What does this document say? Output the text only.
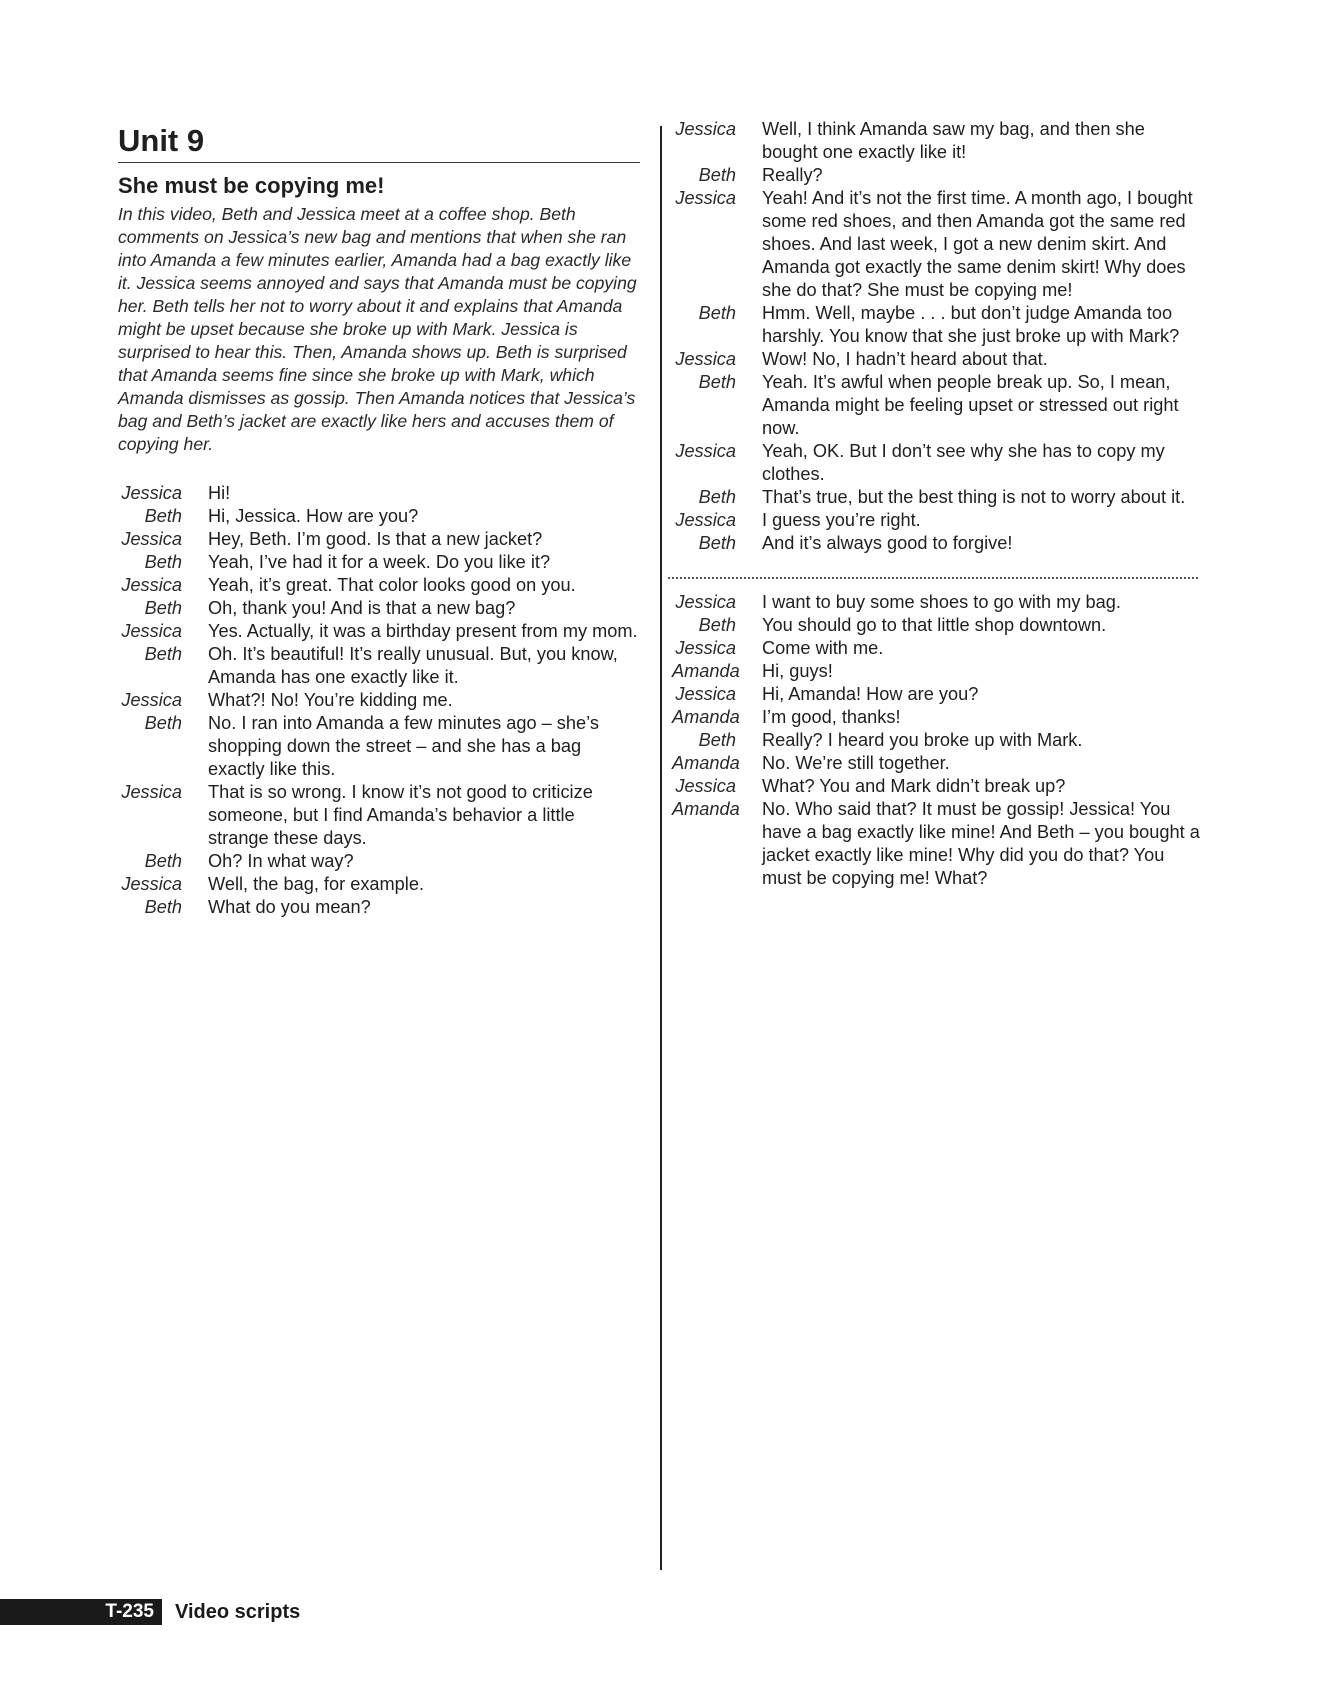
Unit 9
She must be copying me!

In this video, Beth and Jessica meet at a coffee shop. Beth comments on Jessica’s new bag and mentions that when she ran into Amanda a few minutes earlier, Amanda had a bag exactly like it. Jessica seems annoyed and says that Amanda must be copying her. Beth tells her not to worry about it and explains that Amanda might be upset because she broke up with Mark. Jessica is surprised to hear this. Then, Amanda shows up. Beth is surprised that Amanda seems fine since she broke up with Mark, which Amanda dismisses as gossip. Then Amanda notices that Jessica’s bag and Beth’s jacket are exactly like hers and accuses them of copying her.

Jessica Hi!
Beth Hi, Jessica. How are you?
Jessica Hey, Beth. I’m good. Is that a new jacket?
Beth Yeah, I’ve had it for a week. Do you like it?
Jessica Yeah, it’s great. That color looks good on you.
Beth Oh, thank you! And is that a new bag?
Jessica Yes. Actually, it was a birthday present from my mom.
Beth Oh. It’s beautiful! It’s really unusual. But, you know, Amanda has one exactly like it.
Jessica What?! No! You’re kidding me.
Beth No. I ran into Amanda a few minutes ago – she’s shopping down the street – and she has a bag exactly like this.
Jessica That is so wrong. I know it’s not good to criticize someone, but I find Amanda’s behavior a little strange these days.
Beth Oh? In what way?
Jessica Well, the bag, for example.
Beth What do you mean?
Jessica Well, I think Amanda saw my bag, and then she bought one exactly like it!
Beth Really?
Jessica Yeah! And it’s not the first time. A month ago, I bought some red shoes, and then Amanda got the same red shoes. And last week, I got a new denim skirt. And Amanda got exactly the same denim skirt! Why does she do that? She must be copying me!
Beth Hmm. Well, maybe . . . but don’t judge Amanda too harshly. You know that she just broke up with Mark?
Jessica Wow! No, I hadn’t heard about that.
Beth Yeah. It’s awful when people break up. So, I mean, Amanda might be feeling upset or stressed out right now.
Jessica Yeah, OK. But I don’t see why she has to copy my clothes.
Beth That’s true, but the best thing is not to worry about it.
Jessica I guess you’re right.
Beth And it’s always good to forgive!
Jessica I want to buy some shoes to go with my bag.
Beth You should go to that little shop downtown.
Jessica Come with me.
Amanda Hi, guys!
Jessica Hi, Amanda! How are you?
Amanda I’m good, thanks!
Beth Really? I heard you broke up with Mark.
Amanda No. We’re still together.
Jessica What? You and Mark didn’t break up?
Amanda No. Who said that? It must be gossip! Jessica! You have a bag exactly like mine! And Beth – you bought a jacket exactly like mine! Why did you do that? You must be copying me! What?
T-235	Video scripts
